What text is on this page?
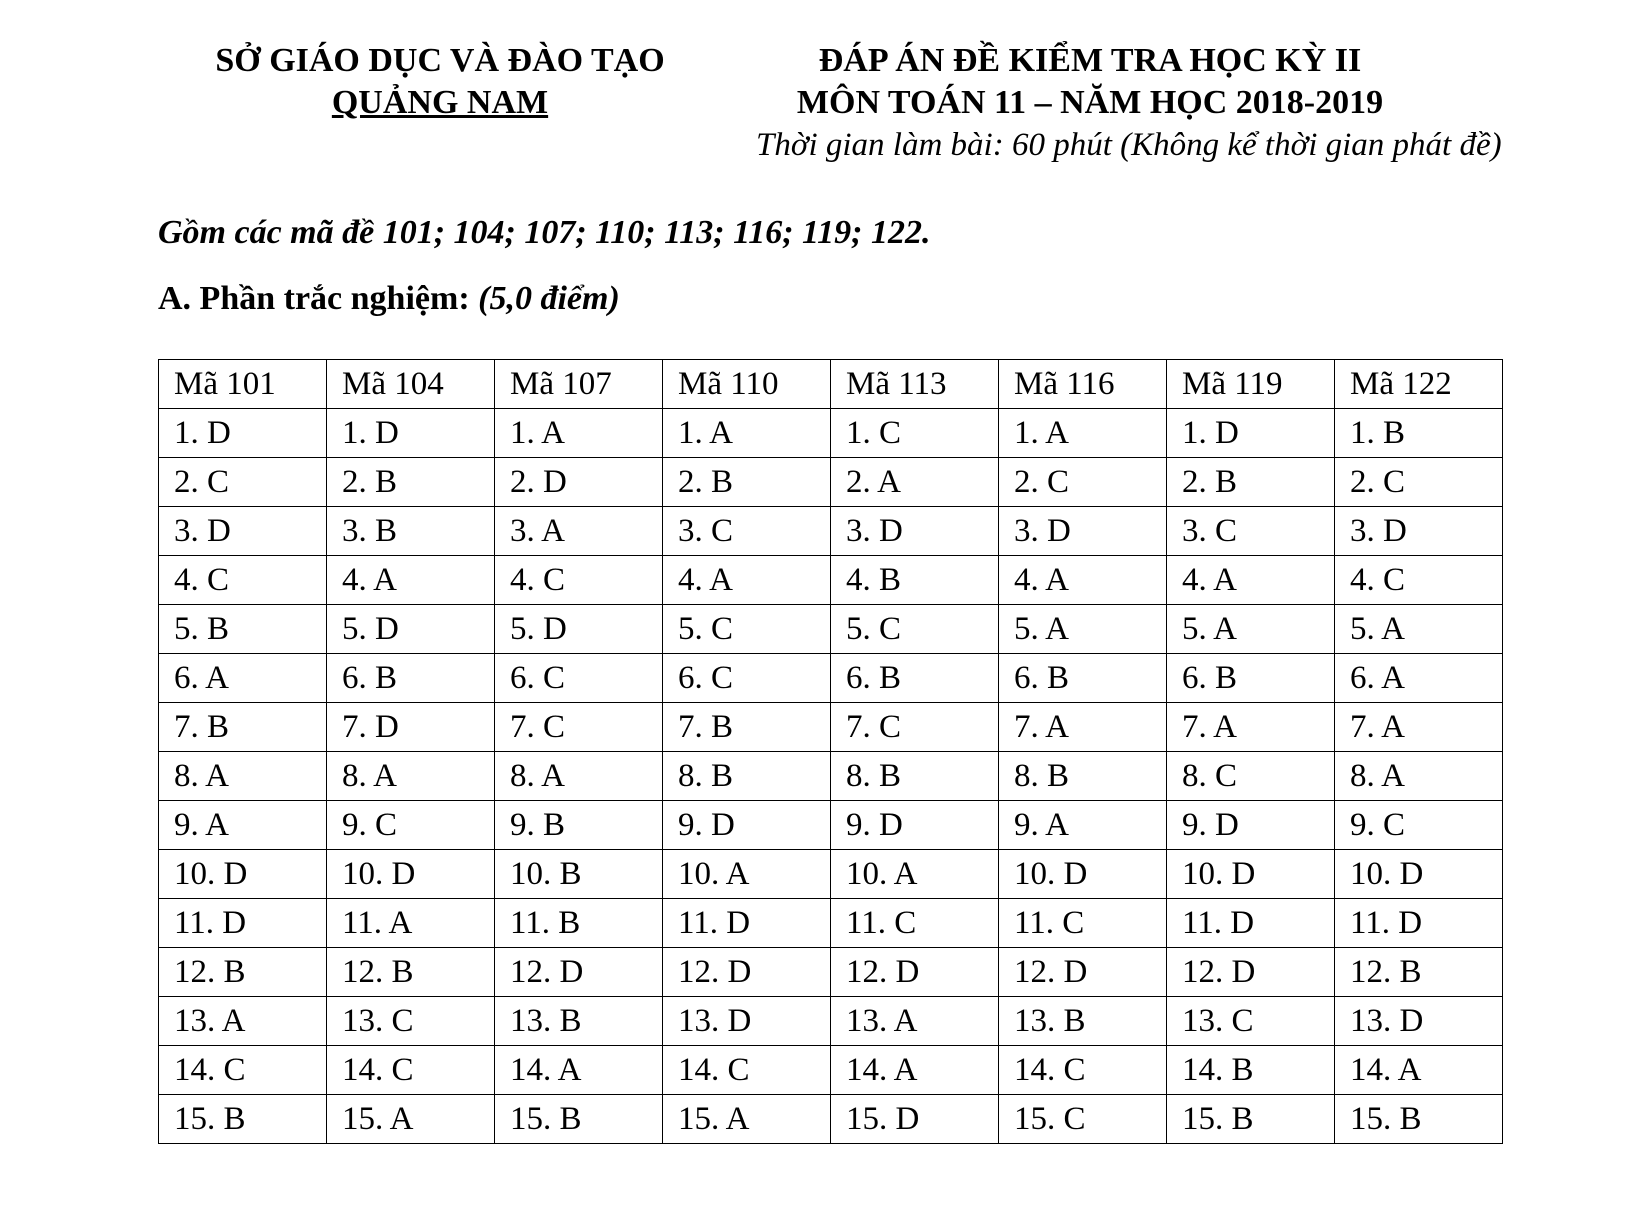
SỞ GIÁO DỤC VÀ ĐÀO TẠO
QUẢNG NAM
ĐÁP ÁN ĐỀ KIỂM TRA HỌC KỲ II
MÔN TOÁN 11 – NĂM HỌC 2018-2019
Thời gian làm bài: 60 phút (Không kể thời gian phát đề)
Gồm các mã đề 101; 104; 107; 110; 113; 116; 119; 122.
A. Phần trắc nghiệm: (5,0 điểm)
Mã 101	Mã 104	Mã 107	Mã 110	Mã 113	Mã 116	Mã 119	Mã 122
1. D	1. D	1. A	1. A	1. C	1. A	1. D	1. B
2. C	2. B	2. D	2. B	2. A	2. C	2. B	2. C
3. D	3. B	3. A	3. C	3. D	3. D	3. C	3. D
4. C	4. A	4. C	4. A	4. B	4. A	4. A	4. C
5. B	5. D	5. D	5. C	5. C	5. A	5. A	5. A
6. A	6. B	6. C	6. C	6. B	6. B	6. B	6. A
7. B	7. D	7. C	7. B	7. C	7. A	7. A	7. A
8. A	8. A	8. A	8. B	8. B	8. B	8. C	8. A
9. A	9. C	9. B	9. D	9. D	9. A	9. D	9. C
10. D	10. D	10. B	10. A	10. A	10. D	10. D	10. D
11. D	11. A	11. B	11. D	11. C	11. C	11. D	11. D
12. B	12. B	12. D	12. D	12. D	12. D	12. D	12. B
13. A	13. C	13. B	13. D	13. A	13. B	13. C	13. D
14. C	14. C	14. A	14. C	14. A	14. C	14. B	14. A
15. B	15. A	15. B	15. A	15. D	15. C	15. B	15. B
